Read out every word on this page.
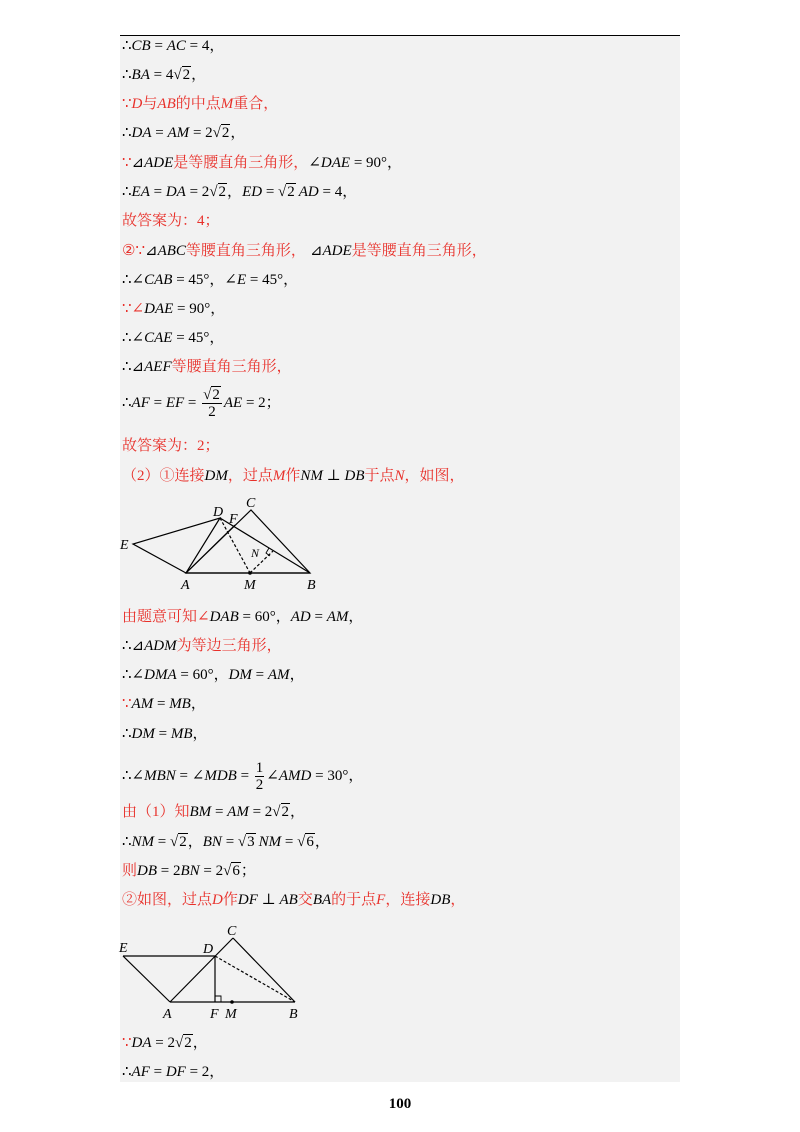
∴CB = AC = 4，
∴BA = 4√2，
∵D与AB的中点M重合，
∴DA = AM = 2√2，
∵⊿ADE是等腰直角三角形，∠DAE = 90°，
∴EA = DA = 2√2，ED = √2 AD = 4，
故答案为：4；
②∵⊿ABC等腰直角三角形， ⊿ADE是等腰直角三角形，
∴∠CAB = 45°，∠E = 45°，
∵∠DAE = 90°，
∴∠CAE = 45°，
∴⊿AEF等腰直角三角形，
∴AF = EF = $\frac{√2}{2}$ AE = 2；
故答案为：2；
（2）①连接DM，过点M作NM ⊥ DB于点N，如图，
E
D F
C
N
A	M	B
由题意可知∠DAB = 60°，AD = AM，
∴⊿ADM为等边三角形，
∴∠DMA = 60°，DM = AM，
∵AM = MB，
∴DM = MB，
∴∠MBN = ∠MDB = $\frac{1}{2}$ ∠AMD = 30°，
由（1）知BM = AM = 2√2，
∴NM = √2，BN = √3 NM = √6，
则DB = 2BN = 2√6；
②如图，过点D作DF ⊥ AB交BA的于点F，连接DB，
E	D
C
A	F M	B
∵DA = 2√2，
∴AF = DF = 2，
100
